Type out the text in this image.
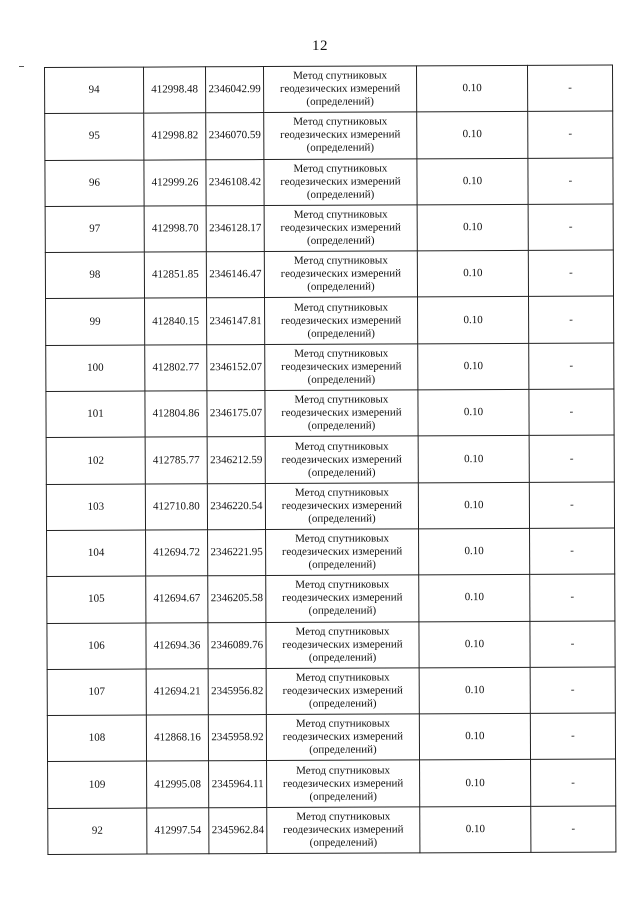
12
94	412998.48	2346042.99	Метод спутниковых
геодезических измерений
(определений)	0.10	-
95	412998.82	2346070.59	Метод спутниковых
геодезических измерений
(определений)	0.10	-
96	412999.26	2346108.42	Метод спутниковых
геодезических измерений
(определений)	0.10	-
97	412998.70	2346128.17	Метод спутниковых
геодезических измерений
(определений)	0.10	-
98	412851.85	2346146.47	Метод спутниковых
геодезических измерений
(определений)	0.10	-
99	412840.15	2346147.81	Метод спутниковых
геодезических измерений
(определений)	0.10	-
100	412802.77	2346152.07	Метод спутниковых
геодезических измерений
(определений)	0.10	-
101	412804.86	2346175.07	Метод спутниковых
геодезических измерений
(определений)	0.10	-
102	412785.77	2346212.59	Метод спутниковых
геодезических измерений
(определений)	0.10	-
103	412710.80	2346220.54	Метод спутниковых
геодезических измерений
(определений)	0.10	-
104	412694.72	2346221.95	Метод спутниковых
геодезических измерений
(определений)	0.10	-
105	412694.67	2346205.58	Метод спутниковых
геодезических измерений
(определений)	0.10	-
106	412694.36	2346089.76	Метод спутниковых
геодезических измерений
(определений)	0.10	-
107	412694.21	2345956.82	Метод спутниковых
геодезических измерений
(определений)	0.10	-
108	412868.16	2345958.92	Метод спутниковых
геодезических измерений
(определений)	0.10	-
109	412995.08	2345964.11	Метод спутниковых
геодезических измерений
(определений)	0.10	-
92	412997.54	2345962.84	Метод спутниковых
геодезических измерений
(определений)	0.10	-
